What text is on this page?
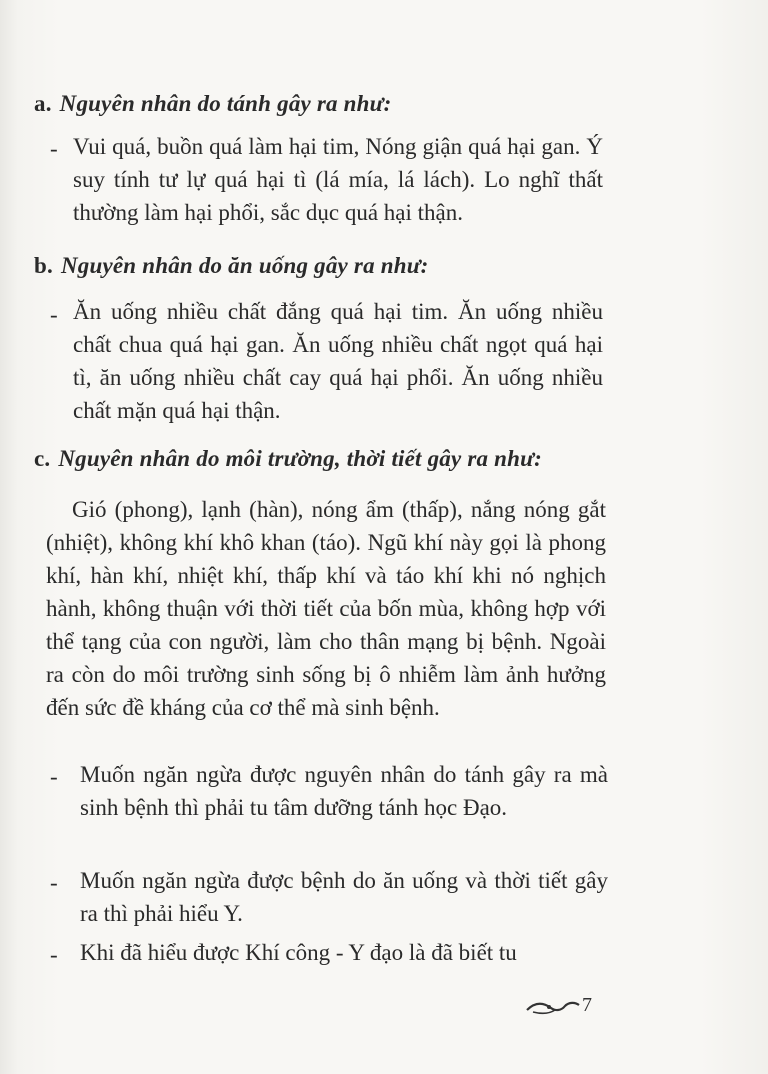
a. Nguyên nhân do tánh gây ra như:
- Vui quá, buồn quá làm hại tim, Nóng giận quá hại gan. Ý suy tính tư lự quá hại tì (lá mía, lá lách). Lo nghĩ thất thường làm hại phổi, sắc dục quá hại thận.
b. Nguyên nhân do ăn uống gây ra như:
- Ăn uống nhiều chất đắng quá hại tim. Ăn uống nhiều chất chua quá hại gan. Ăn uống nhiều chất ngọt quá hại tì, ăn uống nhiều chất cay quá hại phổi. Ăn uống nhiều chất mặn quá hại thận.
c. Nguyên nhân do môi trường, thời tiết gây ra như:
Gió (phong), lạnh (hàn), nóng ẩm (thấp), nắng nóng gắt (nhiệt), không khí khô khan (táo). Ngũ khí này gọi là phong khí, hàn khí, nhiệt khí, thấp khí và táo khí khi nó nghịch hành, không thuận với thời tiết của bốn mùa, không hợp với thể tạng của con người, làm cho thân mạng bị bệnh. Ngoài ra còn do môi trường sinh sống bị ô nhiễm làm ảnh hưởng đến sức đề kháng của cơ thể mà sinh bệnh.
- Muốn ngăn ngừa được nguyên nhân do tánh gây ra mà sinh bệnh thì phải tu tâm dưỡng tánh học Đạo.
- Muốn ngăn ngừa được bệnh do ăn uống và thời tiết gây ra thì phải hiểu Y.
- Khi đã hiểu được Khí công - Y đạo là đã biết tu
7
